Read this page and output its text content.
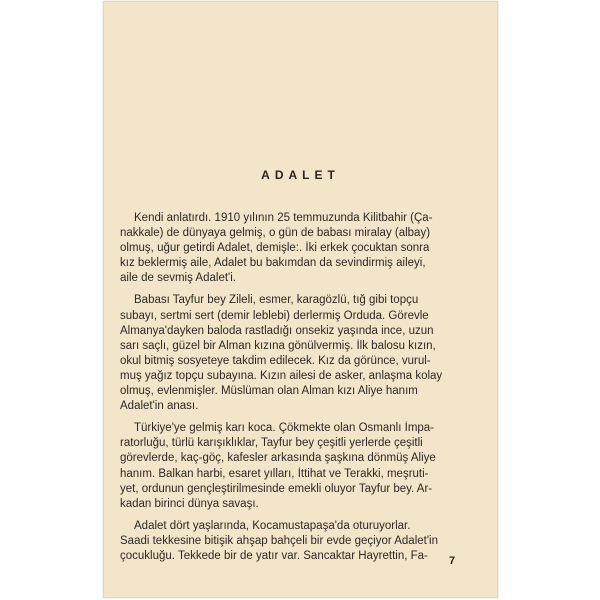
ADALET
Kendi anlatırdı. 1910 yılının 25 temmuzunda Kilitbahir (Ça-
nakkale) de dünyaya gelmiş, o gün de babası miralay (albay)
olmuş, uğur getirdi Adalet, demişle:. İki erkek çocuktan sonra
kız beklermiş aile, Adalet bu bakımdan da sevindirmiş aileyi,
aile de sevmiş Adalet'i.
Babası Tayfur bey Zileli, esmer, karagözlü, tığ gibi topçu
subayı, sertmi sert (demir leblebi) derlermiş Orduda. Görevle
Almanya'dayken baloda rastladığı onsekiz yaşında ince, uzun
sarı saçlı, güzel bir Alman kızına gönülvermiş. İlk balosu kızın,
okul bitmiş sosyeteye takdim edilecek. Kız da görünce, vurul-
muş yağız topçu subayına. Kızın ailesi de asker, anlaşma kolay
olmuş, evlenmişler. Müslüman olan Alman kızı Aliye hanım
Adalet'in anası.
Türkiye'ye gelmiş karı koca. Çökmekte olan Osmanlı İmpa-
ratorluğu, türlü karışıklıklar, Tayfur bey çeşitli yerlerde çeşitli
görevlerde, kaç-göç, kafesler arkasında şaşkına dönmüş Aliye
hanım. Balkan harbi, esaret yılları, İttihat ve Terakki, meşruti-
yet, ordunun gençleştirilmesinde emekli oluyor Tayfur bey. Ar-
kadan birinci dünya savaşı.
Adalet dört yaşlarında, Kocamustapaşa'da oturuyorlar.
Saadi tekkesine bitişik ahşap bahçeli bir evde geçiyor Adalet'in
çocukluğu. Tekkede bir de yatır var. Sancaktar Hayrettin, Fa-	7
